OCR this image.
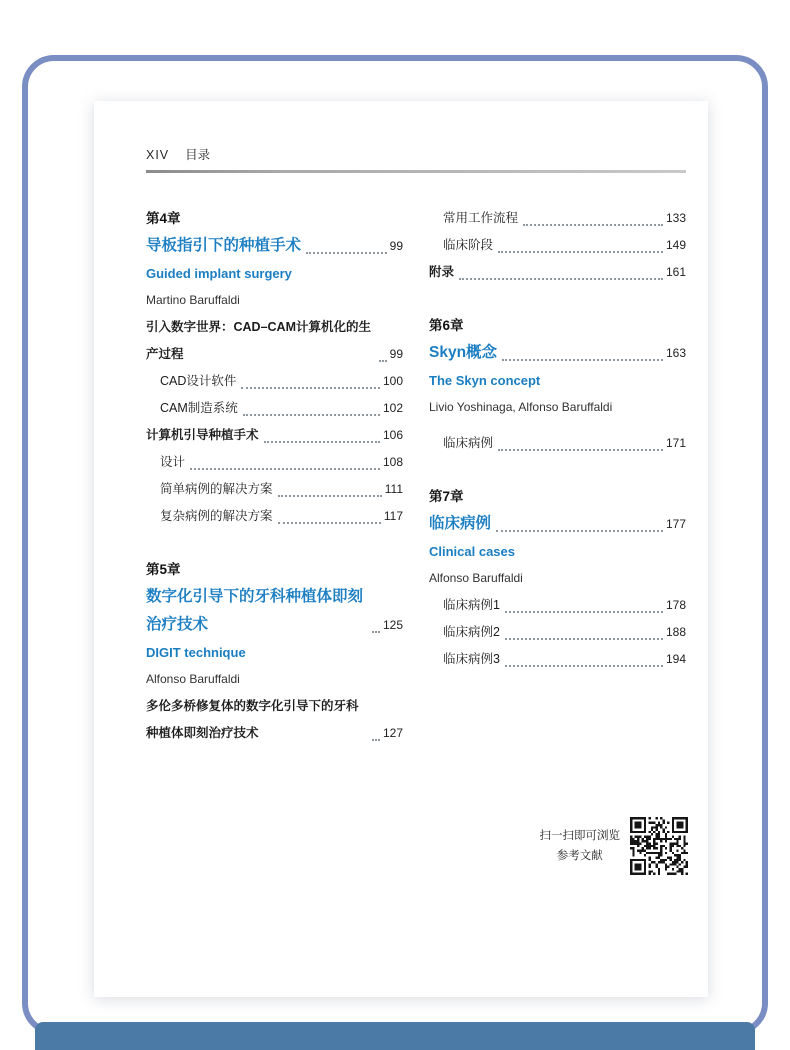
XIV 目录
第4章
导板指引下的种植手术	99
Guided implant surgery
Martino Baruffaldi
引入数字世界：CAD–CAM计算机化的生产过程	99
CAD设计软件	100
CAM制造系统	102
计算机引导种植手术	106
设计	108
简单病例的解决方案	111
复杂病例的解决方案	117
第5章
数字化引导下的牙科种植体即刻治疗技术	125
DIGIT technique
Alfonso Baruffaldi
多伦多桥修复体的数字化引导下的牙科种植体即刻治疗技术	127
常用工作流程	133
临床阶段	149
附录	161
第6章
Skyn概念	163
The Skyn concept
Livio Yoshinaga, Alfonso Baruffaldi
临床病例	171
第7章
临床病例	177
Clinical cases
Alfonso Baruffaldi
临床病例1	178
临床病例2	188
临床病例3	194
扫一扫即可浏览
参考文献
